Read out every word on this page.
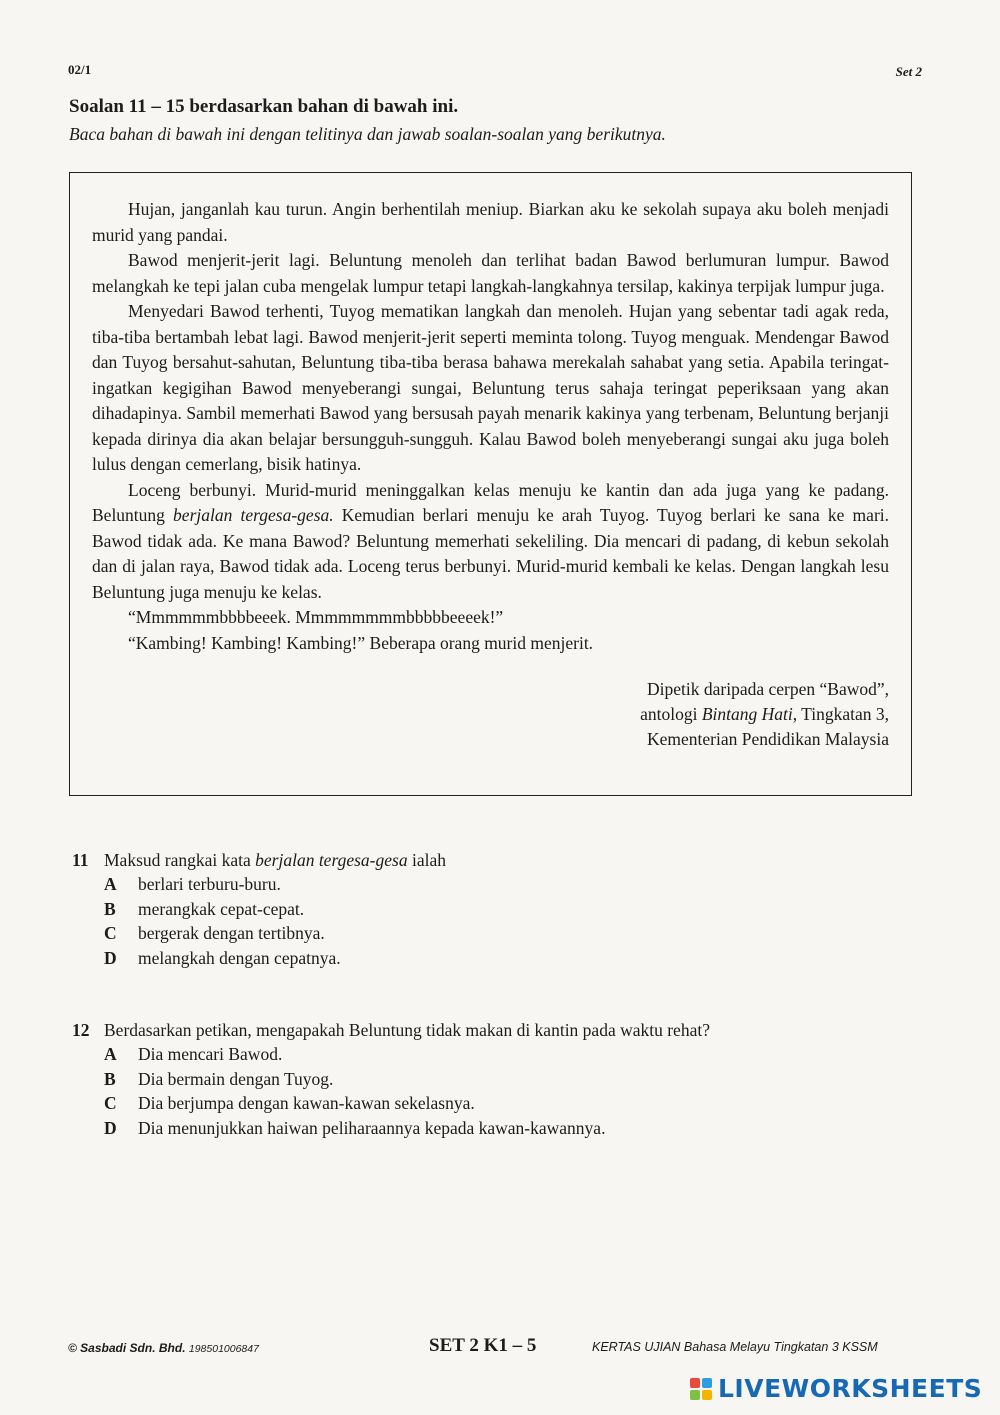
02/1	Set 2
Soalan 11 – 15 berdasarkan bahan di bawah ini.
Baca bahan di bawah ini dengan telitinya dan jawab soalan-soalan yang berikutnya.

Hujan, janganlah kau turun. Angin berhentilah meniup. Biarkan aku ke sekolah supaya aku boleh menjadi murid yang pandai.

Bawod menjerit-jerit lagi. Beluntung menoleh dan terlihat badan Bawod berlumuran lumpur. Bawod melangkah ke tepi jalan cuba mengelak lumpur tetapi langkah-langkahnya tersilap, kakinya terpijak lumpur juga.

Menyedari Bawod terhenti, Tuyog mematikan langkah dan menoleh. Hujan yang sebentar tadi agak reda, tiba-tiba bertambah lebat lagi. Bawod menjerit-jerit seperti meminta tolong. Tuyog menguak. Mendengar Bawod dan Tuyog bersahut-sahutan, Beluntung tiba-tiba berasa bahawa merekalah sahabat yang setia. Apabila teringat-ingatkan kegigihan Bawod menyeberangi sungai, Beluntung terus sahaja teringat peperiksaan yang akan dihadapinya. Sambil memerhati Bawod yang bersusah payah menarik kakinya yang terbenam, Beluntung berjanji kepada dirinya dia akan belajar bersungguh-sungguh. Kalau Bawod boleh menyeberangi sungai aku juga boleh lulus dengan cemerlang, bisik hatinya.

Loceng berbunyi. Murid-murid meninggalkan kelas menuju ke kantin dan ada juga yang ke padang. Beluntung berjalan tergesa-gesa. Kemudian berlari menuju ke arah Tuyog. Tuyog berlari ke sana ke mari. Bawod tidak ada. Ke mana Bawod? Beluntung memerhati sekeliling. Dia mencari di padang, di kebun sekolah dan di jalan raya, Bawod tidak ada. Loceng terus berbunyi. Murid-murid kembali ke kelas. Dengan langkah lesu Beluntung juga menuju ke kelas.

“Mmmmmmbbbbeeek. Mmmmmmmmbbbbbeeeek!”

“Kambing! Kambing! Kambing!” Beberapa orang murid menjerit.

Dipetik daripada cerpen “Bawod”,
antologi Bintang Hati, Tingkatan 3,
Kementerian Pendidikan Malaysia
11 Maksud rangkai kata berjalan tergesa-gesa ialah
A	berlari terburu-buru.
B	merangkak cepat-cepat.
C	bergerak dengan tertibnya.
D	melangkah dengan cepatnya.
12 Berdasarkan petikan, mengapakah Beluntung tidak makan di kantin pada waktu rehat?
A	Dia mencari Bawod.
B	Dia bermain dengan Tuyog.
C	Dia berjumpa dengan kawan-kawan sekelasnya.
D	Dia menunjukkan haiwan peliharaannya kepada kawan-kawannya.
© Sasbadi Sdn. Bhd. 198501006847	SET 2 K1 – 5	KERTAS UJIAN Bahasa Melayu Tingkatan 3 KSSM
LIVEWORKSHEETS
